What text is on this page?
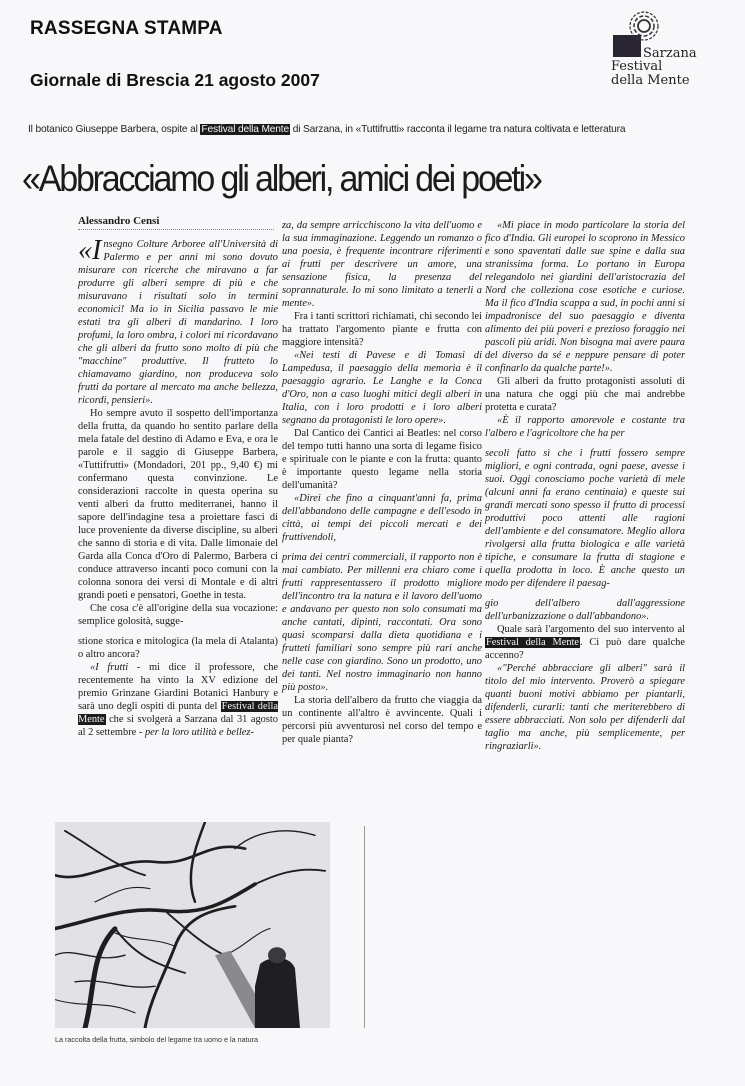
RASSEGNA STAMPA
Giornale di Brescia 21 agosto 2007
Sarzana
Festival
della Mente
Il botanico Giuseppe Barbera, ospite al Festival della Mente di Sarzana, in «Tuttifrutti» racconta il legame tra natura coltivata e letteratura
«Abbracciamo gli alberi, amici dei poeti»
Alessandro Censi

«Insegno Colture Arboree all'Università di Palermo e per anni mi sono dovuto misurare con ricerche che miravano a far produrre gli alberi sempre di più e che misuravano i risultati solo in termini economici! Ma io in Sicilia passavo le mie estati tra gli alberi di mandarino. I loro profumi, la loro ombra, i colori mi ricordavano che gli alberi da frutto sono molto di più che "macchine" produttive. Il frutteto lo chiamavamo giardino, non produceva solo frutti da portare al mercato ma anche bellezza, ricordi, pensieri».

Ho sempre avuto il sospetto dell'importanza della frutta, da quando ho sentito parlare della mela fatale del destino di Adamo e Eva, e ora le parole e il saggio di Giuseppe Barbera, «Tuttifrutti» (Mondadori, 201 pp., 9,40 €) mi confermano questa convinzione. Le considerazioni raccolte in questa operina su venti alberi da frutto mediterranei, hanno il sapore dell'indagine tesa a proiettare fasci di luce proveniente da diverse discipline, su alberi che sanno di storia e di vita. Dalle limonaie del Garda alla Conca d'Oro di Palermo, Barbera ci conduce attraverso incanti poco comuni con la colonna sonora dei versi di Montale e di altri grandi poeti e pensatori, Goethe in testa.

Che cosa c'è all'origine della sua vocazione: semplice golosità, sugge-

stione storica e mitologica (la mela di Atalanta) o altro ancora?

«I frutti - mi dice il professore, che recentemente ha vinto la XV edizione del premio Grinzane Giardini Botanici Hanbury e sarà uno degli ospiti di punta del Festival della Mente che si svolgerà a Sarzana dal 31 agosto al 2 settembre - per la loro utilità e bellez-

za, da sempre arricchiscono la vita dell'uomo e la sua immaginazione. Leggendo un romanzo o una poesia, è frequente incontrare riferimenti ai frutti per descrivere un amore, una sensazione fisica, la presenza del soprannaturale. Io mi sono limitato a tenerli a mente».

Fra i tanti scrittori richiamati, chi secondo lei ha trattato l'argomento piante e frutta con maggiore intensità?

«Nei testi di Pavese e di Tomasi di Lampedusa, il paesaggio della memoria è il paesaggio agrario. Le Langhe e la Conca d'Oro, non a caso luoghi mitici degli alberi in Italia, con i loro prodotti e i loro alberi segnano da protagonisti le loro opere».

Dal Cantico dei Cantici ai Beatles: nel corso del tempo tutti hanno una sorta di legame fisico e spirituale con le piante e con la frutta: quanto è importante questo legame nella storia dell'umanità?

«Direi che fino a cinquant'anni fa, prima dell'abbandono delle campagne e dell'esodo in città, ai tempi dei piccoli mercati e dei fruttivendoli,

prima dei centri commerciali, il rapporto non è mai cambiato. Per millenni era chiaro come i frutti rappresentassero il prodotto migliore dell'incontro tra la natura e il lavoro dell'uomo e andavano per questo non solo consumati ma anche cantati, dipinti, raccontati. Ora sono quasi scomparsi dalla dieta quotidiana e i frutteti familiari sono sempre più rari anche nelle case con giardino. Sono un prodotto, uno dei tanti. Nel nostro immaginario non hanno più posto».

La storia dell'albero da frutto che viaggia da un continente all'altro è avvincente. Quali i percorsi più avventurosi nel corso del tempo e per quale pianta?

«Mi piace in modo particolare la storia del fico d'India. Gli europei lo scoprono in Messico e sono spaventati dalle sue spine e dalla sua stranissima forma. Lo portano in Europa relegandolo nei giardini dell'aristocrazia del Nord che colleziona cose esotiche e curiose. Ma il fico d'India scappa a sud, in pochi anni si impadronisce del suo paesaggio e diventa alimento dei più poveri e prezioso foraggio nei pascoli più aridi. Non bisogna mai avere paura del diverso da sé e neppure pensare di poter confinarlo da qualche parte!».

Gli alberi da frutto protagonisti assoluti di una natura che oggi più che mai andrebbe protetta e curata?

«È il rapporto amorevole e costante tra l'albero e l'agricoltore che ha per

secoli fatto sì che i frutti fossero sempre migliori, e ogni contrada, ogni paese, avesse i suoi. Oggi conosciamo poche varietà di mele (alcuni anni fa erano centinaia) e queste sui grandi mercati sono spesso il frutto di processi produttivi poco attenti alle ragioni dell'ambiente e del consumatore. Meglio allora rivolgersi alla frutta biologica e alle varietà tipiche, e consumare la frutta di stagione e quella prodotta in loco. È anche questo un modo per difendere il paesag-

gio dell'albero dall'aggressione dell'urbanizzazione o dall'abbandono».

Quale sarà l'argomento del suo intervento al Festival della Mente. Ci può dare qualche accenno?

«"Perché abbracciare gli alberi" sarà il titolo del mio intervento. Proverò a spiegare quanti buoni motivi abbiamo per piantarli, difenderli, curarli: tanti che meriterebbero di essere abbracciati. Non solo per difenderli dal taglio ma anche, più semplicemente, per ringraziarli».

La raccolta della frutta, simbolo del legame tra uomo e la natura
